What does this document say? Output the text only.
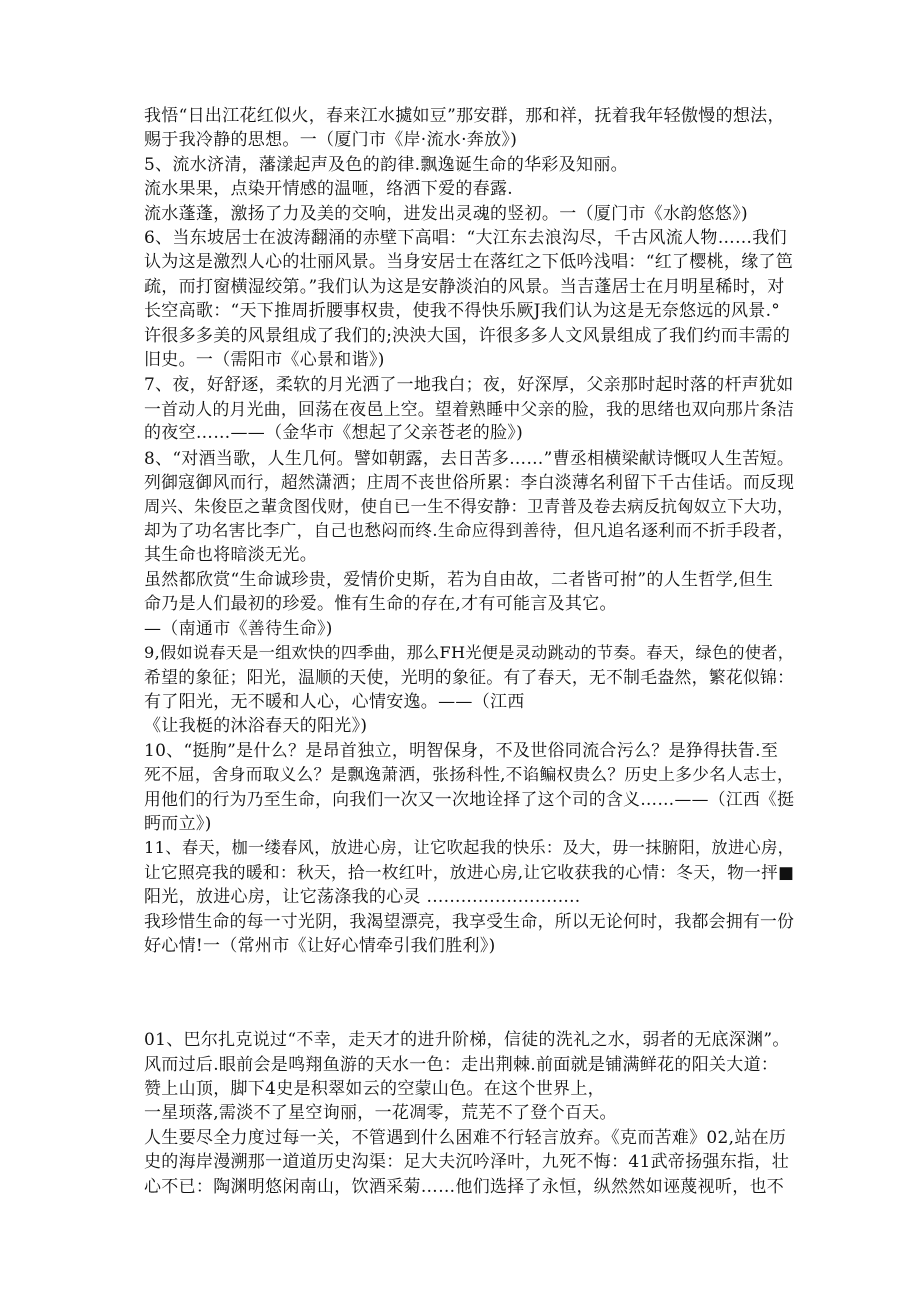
我悟“日出江花红似火，春来江水㨿如豆”那安群，那和祥，抚着我年轻傲慢的想法，
赐于我冷静的思想。一（厦门市《岸·流水·奔放》)
5、流水济清，藩漾起声及色的韵律.飘逸诞生命的华彩及知丽。
流水果果，点染开情感的温咂，络洒下爱的春露.
流水蓬蓬，激扬了力及美的交响，进发出灵魂的竖初。一（厦门市《水韵悠悠》)
6、当东坡居士在波涛翻涌的赤壁下高唱：“大江东去浪沟尽，千古风流人物……我们
认为这是激烈人心的壮丽风景。当身安居士在落红之下低吟浅唱：“红了樱桃，缘了笆
疏，而打窗横湿绞第。”我们认为这是安静淡泊的风景。当吉蓬居士在月明星稀时，对
长空高歌：“天下推周折腰事权贵，使我不得快乐厥J我们认为这是无奈悠远的风景.°
许很多多美的风景组成了我们的;泱泱大国，许很多多人文风景组成了我们约而丰需的
旧史。一（需阳市《心景和谐》)
7、夜，好舒逐，柔软的月光洒了一地我白；夜，好深厚，父亲那时起时落的杆声犹如
一首动人的月光曲，回荡在夜邑上空。望着熟睡中父亲的脸，我的思绪也双向那片条洁
的夜空……——（金华市《想起了父亲苍老的脸》)
8、“对酒当歌，人生几何。譬如朝露，去日苦多……”曹丞相横梁献诗慨叹人生苦短。
列御寇御风而行，超然潇洒；庄周不丧世俗所累：李白淡薄名利留下千古佳话。而反现
周兴、朱俊臣之輩贪图伐财，使自已一生不得安静：卫青普及卷去病反抗匈奴立下大功，
却为了功名害比李广，自己也愁闷而终.生命应得到善待，但凡追名逐利而不折手段者，
其生命也将暗淡无光。
虽然都欣赏“生命诚珍贵，爱情价史斯，若为自由故，二者皆可拊”的人生哲学,但生
命乃是人们最初的珍爱。惟有生命的存在,才有可能言及其它。
—（南通市《善待生命》)
9,假如说春天是一组欢快的四季曲，那么FH光便是灵动跳动的节奏。春天，绿色的使者，
希望的象征；阳光，温顺的天使，光明的象征。有了春天，无不制毛盎然，繁花似锦：
有了阳光，无不暖和人心，心情安逸。——（江西
《让我梃的沐浴春天的阳光》)
10、“挺朐”是什么？是昂首独立，明智保身，不及世俗同流合污么？是狰得扶眚.至
死不屈，舍身而取义么？是飘逸萧洒，张扬科性,不谄鳊权贵么？历史上多少名人志士，
用他们的行为乃至生命，向我们一次又一次地诠择了这个司的含义……——（江西《挺
眄而立》)
11、春天，枷一缕春风，放进心房，让它吹起我的快乐：及大，毋一抹腑阳，放进心房，
让它照亮我的暖和：秋天，拾一枚红叶，放进心房,让它收获我的心情：冬天，物一抨■
阳光，放进心房，让它荡涤我的心灵 ...........................
我珍惜生命的每一寸光阴，我渴望漂亮，我享受生命，所以无论何时，我都会拥有一份
好心情!一（常州市《让好心情牵引我们胜利》)
01、巴尔扎克说过“不幸，走天才的进升阶梯，信徒的洗礼之水，弱者的无底深渊”。
风而过后.眼前会是鸣翔鱼游的天水一色：走出荆棘.前面就是铺满鲜花的阳关大道：
赞上山顶，脚下4史是积翠如云的空蒙山色。在这个世界上，
一星顼落,需淡不了星空询丽，一花凋零，荒芜不了登个百天。
人生要尽全力度过每一关，不管遇到什么困难不行轻言放弃。《克而苦难》02,站在历
史的海岸漫溯那一道道历史沟渠：足大夫沉吟泽叶，九死不悔：41武帝扬强东指，壮
心不已：陶渊明悠闲南山，饮酒采菊……他们选择了永恒，纵然然如诬蔑视听，也不
